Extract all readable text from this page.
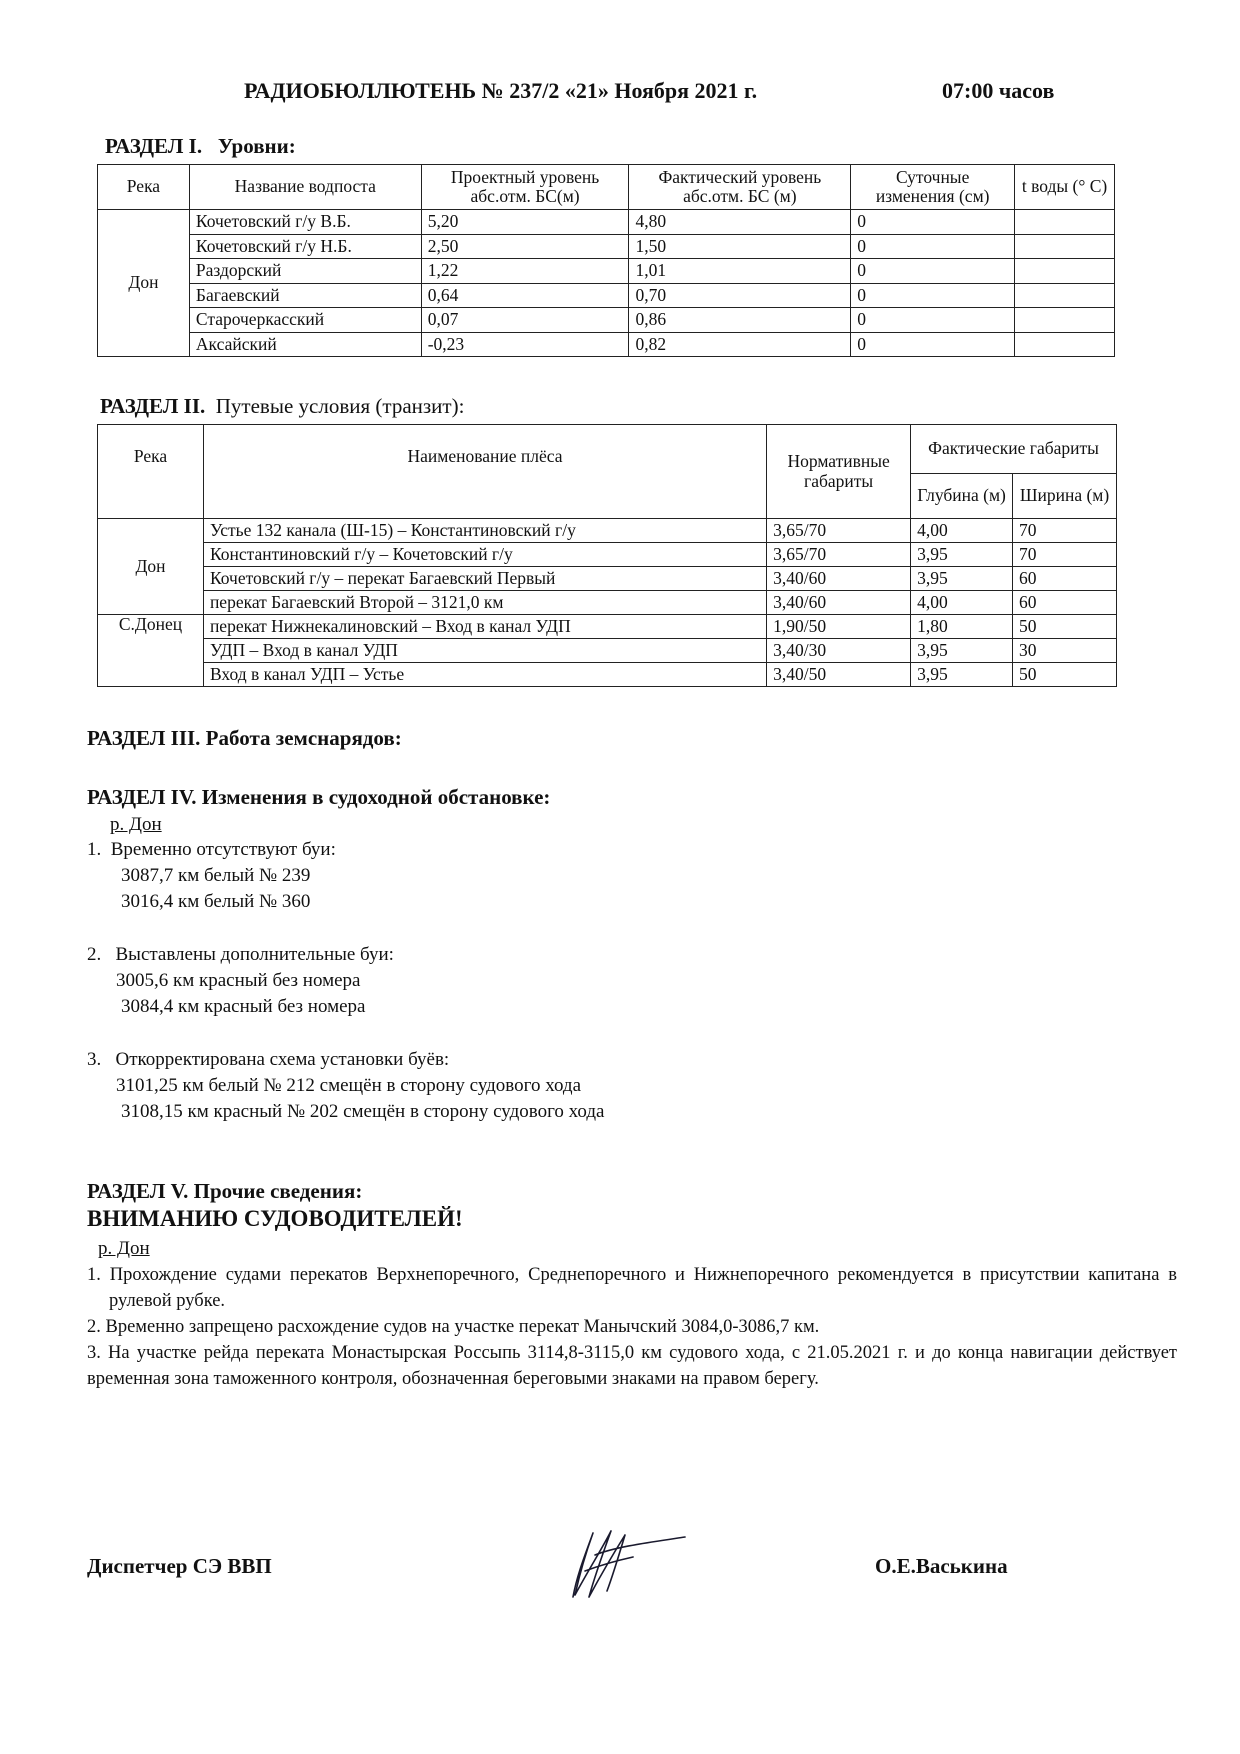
РАДИОБЮЛЛЮТЕНЬ № 237/2 «21» Ноября 2021 г.	07:00 часов
РАЗДЕЛ I. Уровни:
Река	Название водпоста	Проектный уровень абс.отм. БС(м)	Фактический уровень абс.отм. БС (м)	Суточные изменения (см)	t воды (° C)
Дон	Кочетовский г/у В.Б.	5,20	4,80	0	
	Кочетовский г/у Н.Б.	2,50	1,50	0	
	Раздорский	1,22	1,01	0	
	Багаевский	0,64	0,70	0	
	Старочеркасский	0,07	0,86	0	
	Аксайский	-0,23	0,82	0	
РАЗДЕЛ II. Путевые условия (транзит):
Река	Наименование плёса	Нормативные габариты	Фактические габариты	
			Глубина (м)	Ширина (м)
Дон	Устье 132 канала (Ш-15) – Константиновский г/у	3,65/70	4,00	70
	Константиновский г/у – Кочетовский г/у	3,65/70	3,95	70
	Кочетовский г/у – перекат Багаевский Первый	3,40/60	3,95	60
	перекат Багаевский Второй – 3121,0 км	3,40/60	4,00	60
С.Донец	перекат Нижнекалиновский – Вход в канал УДП	1,90/50	1,80	50
	УДП – Вход в канал УДП	3,40/30	3,95	30
	Вход в канал УДП – Устье	3,40/50	3,95	50
РАЗДЕЛ III. Работа земснарядов:
РАЗДЕЛ IV. Изменения в судоходной обстановке:
р. Дон
1. Временно отсутствуют буи:
3087,7 км белый № 239
3016,4 км белый № 360
2. Выставлены дополнительные буи:
3005,6 км красный без номера
3084,4 км красный без номера
3. Откорректирована схема установки буёв:
3101,25 км белый № 212 смещён в сторону судового хода
3108,15 км красный № 202 смещён в сторону судового хода
РАЗДЕЛ V. Прочие сведения:
ВНИМАНИЮ СУДОВОДИТЕЛЕЙ!
р. Дон

1. Прохождение судами перекатов Верхнепоречного, Среднепоречного и Нижнепоречного рекомендуется в присутствии капитана в рулевой рубке.

2. Временно запрещено расхождение судов на участке перекат Манычский 3084,0-3086,7 км.

3. На участке рейда переката Монастырская Россыпь 3114,8-3115,0 км судового хода, с 21.05.2021 г. и до конца навигации действует временная зона таможенного контроля, обозначенная береговыми знаками на правом берегу.

Диспетчер СЭ ВВП	О.Е.Васькина
